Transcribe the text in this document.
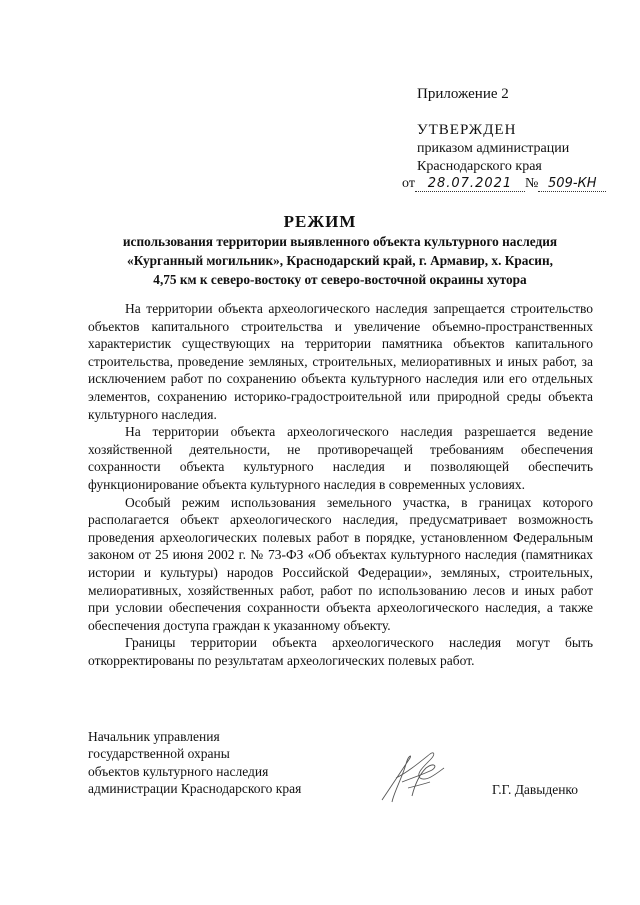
Приложение 2
УТВЕРЖДЕН
приказом администрации
Краснодарского края
от 28.07.2021 № 509-КН
РЕЖИМ
использования территории выявленного объекта культурного наследия
«Курганный могильник», Краснодарский край, г. Армавир, х. Красин,
4,75 км к северо-востоку от северо-восточной окраины хутора

На территории объекта археологического наследия запрещается строительство объектов капитального строительства и увеличение объемно-пространственных характеристик существующих на территории памятника объектов капитального строительства, проведение земляных, строительных, мелиоративных и иных работ, за исключением работ по сохранению объекта культурного наследия или его отдельных элементов, сохранению историко-градостроительной или природной среды объекта культурного наследия.

На территории объекта археологического наследия разрешается ведение хозяйственной деятельности, не противоречащей требованиям обеспечения сохранности объекта культурного наследия и позволяющей обеспечить функционирование объекта культурного наследия в современных условиях.

Особый режим использования земельного участка, в границах которого располагается объект археологического наследия, предусматривает возможность проведения археологических полевых работ в порядке, установленном Федеральным законом от 25 июня 2002 г. № 73-ФЗ «Об объектах культурного наследия (памятниках истории и культуры) народов Российской Федерации», земляных, строительных, мелиоративных, хозяйственных работ, работ по использованию лесов и иных работ при условии обеспечения сохранности объекта археологического наследия, а также обеспечения доступа граждан к указанному объекту.

Границы территории объекта археологического наследия могут быть откорректированы по результатам археологических полевых работ.

Начальник управления
государственной охраны
объектов культурного наследия
администрации Краснодарского края	Г.Г. Давыденко
